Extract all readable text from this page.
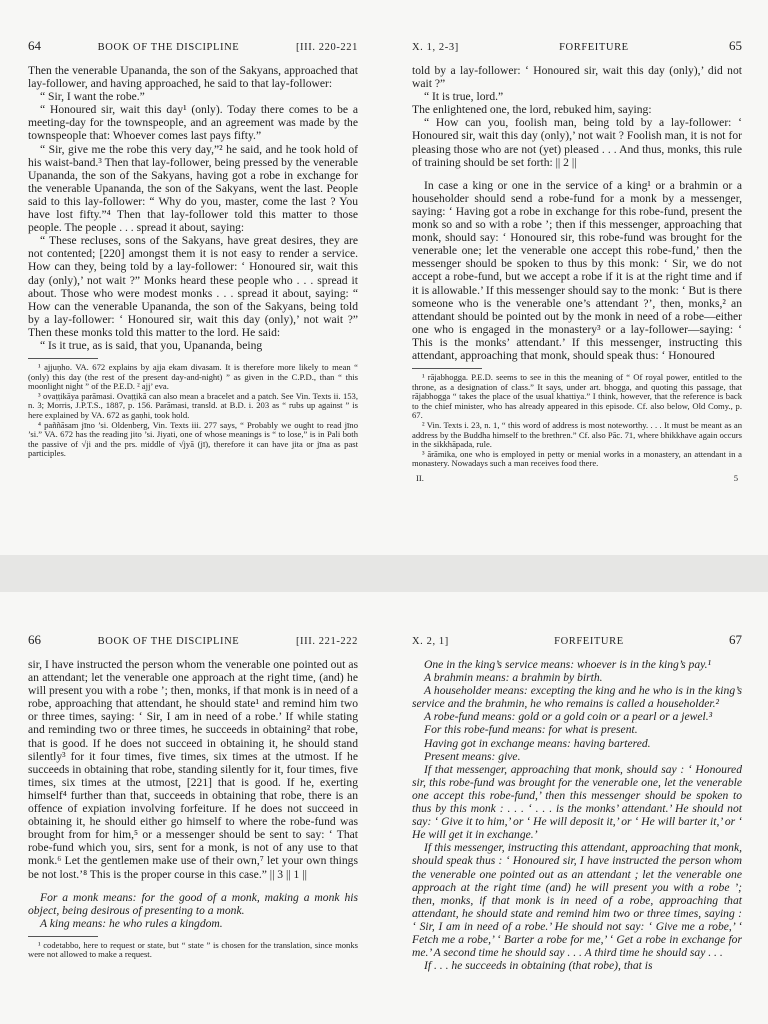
64	BOOK OF THE DISCIPLINE	[III. 220-221

Then the venerable Upananda, the son of the Sakyans, approached that lay-follower, and having approached, he said to that lay-follower:

“ Sir, I want the robe.”

“ Honoured sir, wait this day¹ (only). Today there comes to be a meeting-day for the townspeople, and an agreement was made by the townspeople that: Whoever comes last pays fifty.”

“ Sir, give me the robe this very day,”² he said, and he took hold of his waist-band.³ Then that lay-follower, being pressed by the venerable Upananda, the son of the Sakyans, having got a robe in exchange for the venerable Upananda, the son of the Sakyans, went the last. People said to this lay-follower: “ Why do you, master, come the last ? You have lost fifty.”⁴ Then that lay-follower told this matter to those people. The people . . . spread it about, saying:

“ These recluses, sons of the Sakyans, have great desires, they are not contented; [220] amongst them it is not easy to render a service. How can they, being told by a lay-follower: ‘ Honoured sir, wait this day (only),’ not wait ?” Monks heard these people who . . . spread it about. Those who were modest monks . . . spread it about, saying: “ How can the venerable Upananda, the son of the Sakyans, being told by a lay-follower: ‘ Honoured sir, wait this day (only),’ not wait ?” Then these monks told this matter to the lord. He said:

“ Is it true, as is said, that you, Upananda, being

¹ ajjuṇho. VA. 672 explains by ajja ekam divasam. It is therefore more likely to mean “ (only) this day (the rest of the present day-and-night) ” as given in the C.P.D., than “ this moonlight night ” of the P.E.D. ² ajj’ eva.

³ ovaṭṭikāya parāmasi. Ovaṭṭikā can also mean a bracelet and a patch. See Vin. Texts ii. 153, n. 3; Morris, J.P.T.S., 1887, p. 156. Parāmasi, transld. at B.D. i. 203 as “ rubs up against ” is here explained by VA. 672 as gaṇhi, took hold.

⁴ paññāsam jīno ’si. Oldenberg, Vin. Texts iii. 277 says, “ Probably we ought to read jīno ’si.” VA. 672 has the reading jito ’si. Jiyati, one of whose meanings is “ to lose,” is in Pali both the passive of √ji and the prs. middle of √jyā (jī), therefore it can have jita or jīna as past participles.

X. 1, 2-3]	FORFEITURE	65

told by a lay-follower: ‘ Honoured sir, wait this day (only),’ did not wait ?”

“ It is true, lord.”

The enlightened one, the lord, rebuked him, saying:

“ How can you, foolish man, being told by a lay-follower: ‘ Honoured sir, wait this day (only),’ not wait ? Foolish man, it is not for pleasing those who are not (yet) pleased . . . And thus, monks, this rule of training should be set forth: || 2 ||

In case a king or one in the service of a king¹ or a brahmin or a householder should send a robe-fund for a monk by a messenger, saying: ‘ Having got a robe in exchange for this robe-fund, present the monk so and so with a robe ’; then if this messenger, approaching that monk, should say: ‘ Honoured sir, this robe-fund was brought for the venerable one; let the venerable one accept this robe-fund,’ then the messenger should be spoken to thus by this monk: ‘ Sir, we do not accept a robe-fund, but we accept a robe if it is at the right time and if it is allowable.’ If this messenger should say to the monk: ‘ But is there someone who is the venerable one’s attendant ?’, then, monks,² an attendant should be pointed out by the monk in need of a robe—either one who is engaged in the monastery³ or a lay-follower—saying: ‘ This is the monks’ attendant.’ If this messenger, instructing this attendant, approaching that monk, should speak thus: ‘ Honoured

¹ rājabhogga. P.E.D. seems to see in this the meaning of “ Of royal power, entitled to the throne, as a designation of class.” It says, under art. bhogga, and quoting this passage, that rājabhogga “ takes the place of the usual khattiya.” I think, however, that the reference is back to the chief minister, who has already appeared in this episode. Cf. also below, Old Comy., p. 67.

² Vin. Texts i. 23, n. 1, “ this word of address is most noteworthy. . . . It must be meant as an address by the Buddha himself to the brethren.” Cf. also Pāc. 71, where bhikkhave again occurs in the sikkhāpada, rule.

³ ārāmika, one who is employed in petty or menial works in a monastery, an attendant in a monastery. Nowadays such a man receives food there.

II.	5
66	BOOK OF THE DISCIPLINE	[III. 221-222

sir, I have instructed the person whom the venerable one pointed out as an attendant; let the venerable one approach at the right time, (and) he will present you with a robe ’; then, monks, if that monk is in need of a robe, approaching that attendant, he should state¹ and remind him two or three times, saying: ‘ Sir, I am in need of a robe.’ If while stating and reminding two or three times, he succeeds in obtaining² that robe, that is good. If he does not succeed in obtaining it, he should stand silently³ for it four times, five times, six times at the utmost. If he succeeds in obtaining that robe, standing silently for it, four times, five times, six times at the utmost, [221] that is good. If he, exerting himself⁴ further than that, succeeds in obtaining that robe, there is an offence of expiation involving forfeiture. If he does not succeed in obtaining it, he should either go himself to where the robe-fund was brought from for him,⁵ or a messenger should be sent to say: ‘ That robe-fund which you, sirs, sent for a monk, is not of any use to that monk.⁶ Let the gentlemen make use of their own,⁷ let your own things be not lost.’⁸ This is the proper course in this case.” || 3 || 1 ||

For a monk means: for the good of a monk, making a monk his object, being desirous of presenting to a monk.

A king means: he who rules a kingdom.

¹ codetabbo, here to request or state, but “ state ” is chosen for the translation, since monks were not allowed to make a request.

X. 2, 1]	FORFEITURE	67

One in the king’s service means: whoever is in the king’s pay.¹

A brahmin means: a brahmin by birth.

A householder means: excepting the king and he who is in the king’s service and the brahmin, he who remains is called a householder.²

A robe-fund means: gold or a gold coin or a pearl or a jewel.³

For this robe-fund means: for what is present.

Having got in exchange means: having bartered.

Present means: give.

If that messenger, approaching that monk, should say : ‘ Honoured sir, this robe-fund was brought for the venerable one, let the venerable one accept this robe-fund,’ then this messenger should be spoken to thus by this monk : . . . ‘ . . . is the monks’ attendant.’ He should not say: ‘ Give it to him,’ or ‘ He will deposit it,’ or ‘ He will barter it,’ or ‘ He will get it in exchange.’

If this messenger, instructing this attendant, approaching that monk, should speak thus : ‘ Honoured sir, I have instructed the person whom the venerable one pointed out as an attendant ; let the venerable one approach at the right time (and) he will present you with a robe ’; then, monks, if that monk is in need of a robe, approaching that attendant, he should state and remind him two or three times, saying : ‘ Sir, I am in need of a robe.’ He should not say: ‘ Give me a robe,’ ‘ Fetch me a robe,’ ‘ Barter a robe for me,’ ‘ Get a robe in exchange for me.’ A second time he should say . . . A third time he should say . . .

If . . . he succeeds in obtaining (that robe), that is
